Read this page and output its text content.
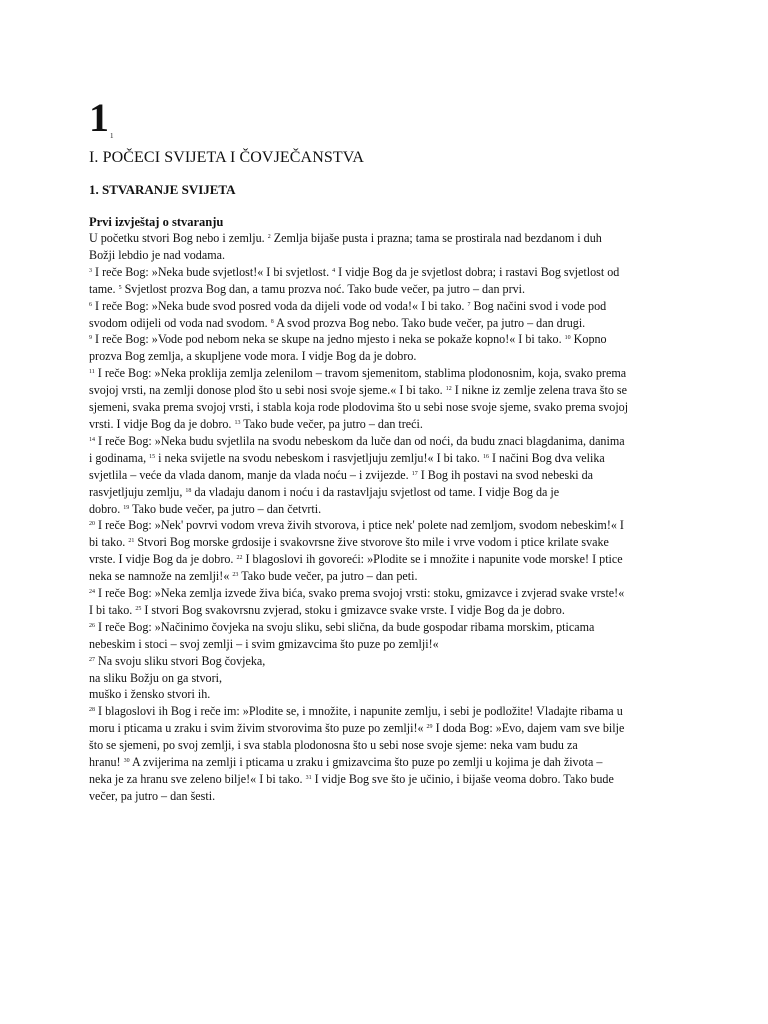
$1^1$
I. POČECI SVIJETA I ČOVJEČANSTVA
1. STVARANJE SVIJETA
Prvi izvještaj o stvaranju
U početku stvori Bog nebo i zemlju. $^2$ Zemlja bijaše pusta i prazna; tama se prostirala nad bezdanom i duh
Božji lebdio je nad vodama.
$^3$ I reče Bog: »Neka bude svjetlost!« I bi svjetlost. $^4$ I vidje Bog da je svjetlost dobra; i rastavi Bog svjetlost od
tame. $^5$ Svjetlost prozva Bog dan, a tamu prozva noć. Tako bude večer, pa jutro – dan prvi.
$^6$ I reče Bog: »Neka bude svod posred voda da dijeli vode od voda!« I bi tako. $^7$ Bog načini svod i vode pod
svodom odijeli od voda nad svodom. $^8$ A svod prozva Bog nebo. Tako bude večer, pa jutro – dan drugi.
$^9$ I reče Bog: »Vode pod nebom neka se skupe na jedno mjesto i neka se pokaže kopno!« I bi tako. $^{10}$ Kopno
prozva Bog zemlja, a skupljene vode mora. I vidje Bog da je dobro.
$^{11}$ I reče Bog: »Neka proklija zemlja zelenilom – travom sjemenitom, stablima plodonosnim, koja, svako prema
svojoj vrsti, na zemlji donose plod što u sebi nosi svoje sjeme.« I bi tako. $^{12}$ I nikne iz zemlje zelena trava što se
sjemeni, svaka prema svojoj vrsti, i stabla koja rode plodovima što u sebi nose svoje sjeme, svako prema svojoj
vrsti. I vidje Bog da je dobro. $^{13}$ Tako bude večer, pa jutro – dan treći.
$^{14}$ I reče Bog: »Neka budu svjetlila na svodu nebeskom da luče dan od noći, da budu znaci blagdanima, danima
i godinama, $^{15}$ i neka svijetle na svodu nebeskom i rasvjetljuju zemlju!« I bi tako. $^{16}$ I načini Bog dva velika
svjetlila – veće da vlada danom, manje da vlada noću – i zvijezde. $^{17}$ I Bog ih postavi na svod nebeski da
rasvjetljuju zemlju, $^{18}$ da vladaju danom i noću i da rastavljaju svjetlost od tame. I vidje Bog da je
dobro. $^{19}$ Tako bude večer, pa jutro – dan četvrti.
$^{20}$ I reče Bog: »Nek' povrvi vodom vreva živih stvorova, i ptice nek' polete nad zemljom, svodom nebeskim!« I
bi tako. $^{21}$ Stvori Bog morske grdosije i svakovrsne žive stvorove što mile i vrve vodom i ptice krilate svake
vrste. I vidje Bog da je dobro. $^{22}$ I blagoslovi ih govoreći: »Plodite se i množite i napunite vode morske! I ptice
neka se namnože na zemlji!« $^{23}$ Tako bude večer, pa jutro – dan peti.
$^{24}$ I reče Bog: »Neka zemlja izvede živa bića, svako prema svojoj vrsti: stoku, gmizavce i zvjerad svake vrste!«
I bi tako. $^{25}$ I stvori Bog svakovrsnu zvjerad, stoku i gmizavce svake vrste. I vidje Bog da je dobro.
$^{26}$ I reče Bog: »Načinimo čovjeka na svoju sliku, sebi slična, da bude gospodar ribama morskim, pticama
nebeskim i stoci – svoj zemlji – i svim gmizavcima što puze po zemlji!«
$^{27}$ Na svoju sliku stvori Bog čovjeka,
na sliku Božju on ga stvori,
muško i žensko stvori ih.
$^{28}$ I blagoslovi ih Bog i reče im: »Plodite se, i množite, i napunite zemlju, i sebi je podložite! Vladajte ribama u
moru i pticama u zraku i svim živim stvorovima što puze po zemlji!« $^{29}$ I doda Bog: »Evo, dajem vam sve bilje
što se sjemeni, po svoj zemlji, i sva stabla plodonosna što u sebi nose svoje sjeme: neka vam budu za
hranu! $^{30}$ A zvijerima na zemlji i pticama u zraku i gmizavcima što puze po zemlji u kojima je dah života –
neka je za hranu sve zeleno bilje!« I bi tako. $^{31}$ I vidje Bog sve što je učinio, i bijaše veoma dobro. Tako bude
večer, pa jutro – dan šesti.
